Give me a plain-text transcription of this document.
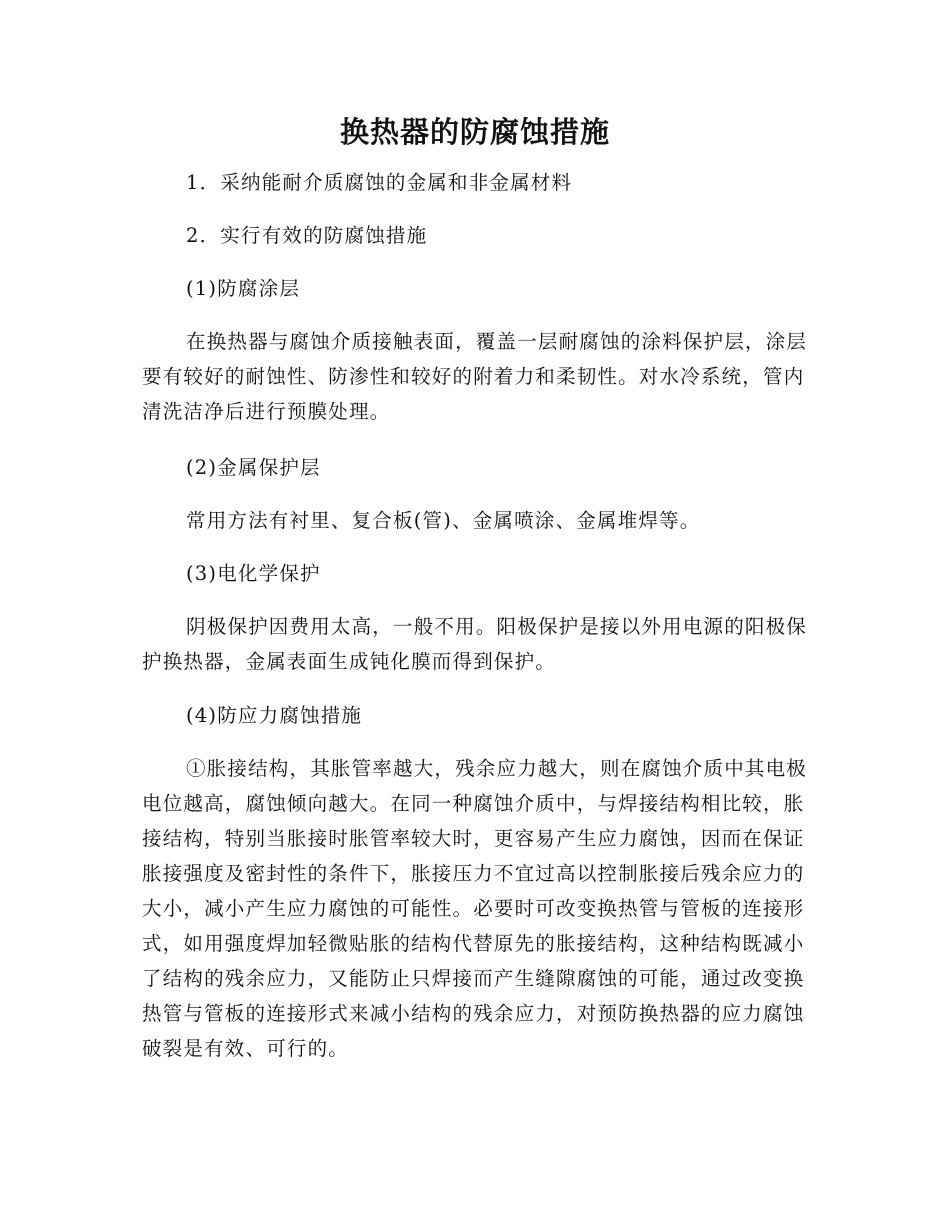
换热器的防腐蚀措施

1．采纳能耐介质腐蚀的金属和非金属材料

2．实行有效的防腐蚀措施

(1)防腐涂层

在换热器与腐蚀介质接触表面，覆盖一层耐腐蚀的涂料保护层，涂层要有较好的耐蚀性、防渗性和较好的附着力和柔韧性。对水冷系统，管内清洗洁净后进行预膜处理。

(2)金属保护层

常用方法有衬里、复合板(管)、金属喷涂、金属堆焊等。

(3)电化学保护

阴极保护因费用太高，一般不用。阳极保护是接以外用电源的阳极保护换热器，金属表面生成钝化膜而得到保护。

(4)防应力腐蚀措施

①胀接结构，其胀管率越大，残余应力越大，则在腐蚀介质中其电极电位越高，腐蚀倾向越大。在同一种腐蚀介质中，与焊接结构相比较，胀接结构，特别当胀接时胀管率较大时，更容易产生应力腐蚀，因而在保证胀接强度及密封性的条件下，胀接压力不宜过高以控制胀接后残余应力的大小，减小产生应力腐蚀的可能性。必要时可改变换热管与管板的连接形式，如用强度焊加轻微贴胀的结构代替原先的胀接结构，这种结构既减小了结构的残余应力，又能防止只焊接而产生缝隙腐蚀的可能，通过改变换热管与管板的连接形式来减小结构的残余应力，对预防换热器的应力腐蚀破裂是有效、可行的。
